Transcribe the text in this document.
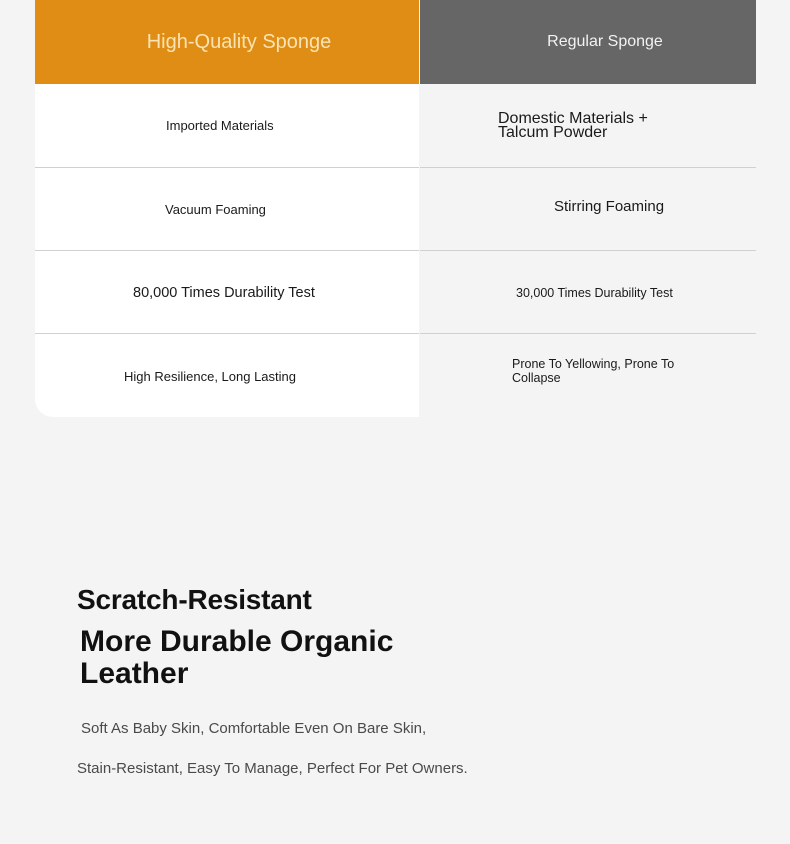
High-Quality Sponge
Imported Materials
Vacuum Foaming
80,000 Times Durability Test
High Resilience, Long Lasting
Regular Sponge
Domestic Materials + Talcum Powder
Stirring Foaming
30,000 Times Durability Test
Prone To Yellowing, Prone To Collapse
Scratch-Resistant
More Durable Organic Leather

Soft As Baby Skin, Comfortable Even On Bare Skin,

Stain-Resistant, Easy To Manage, Perfect For Pet Owners.
